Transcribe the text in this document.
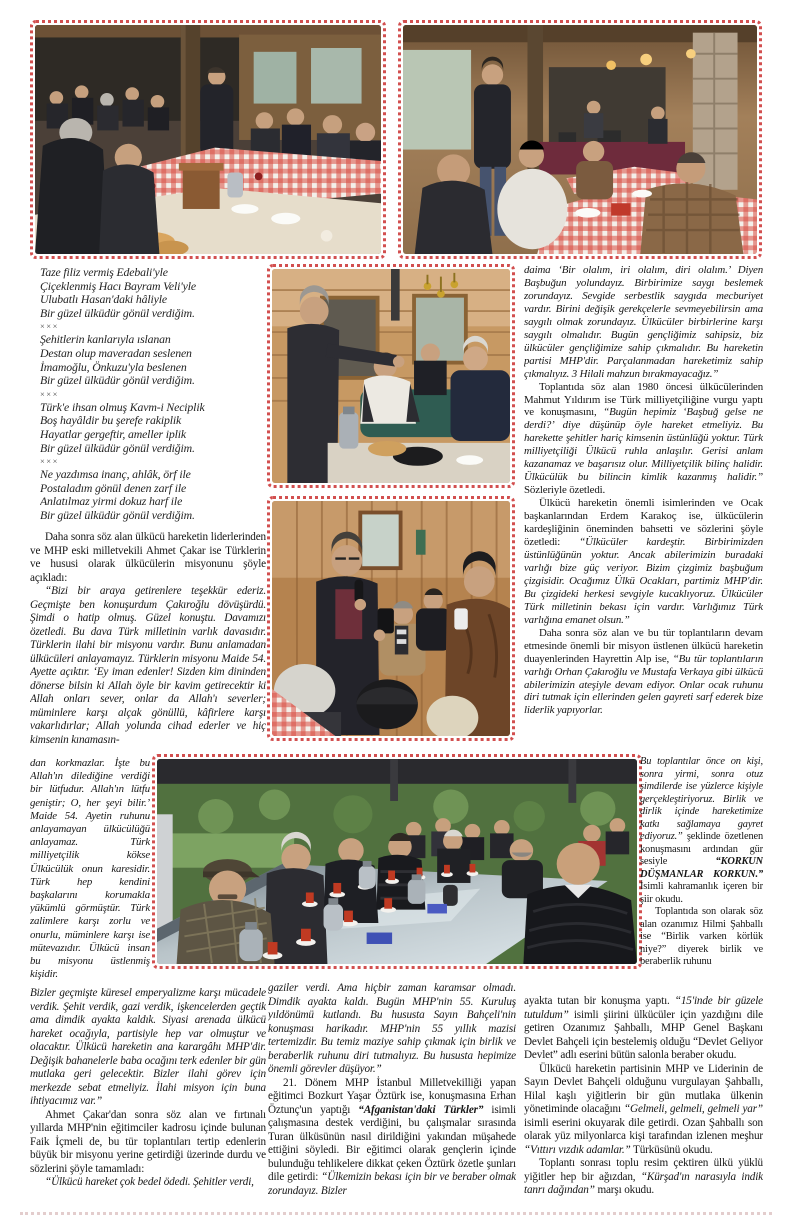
Taze filiz vermiş Edebali'yle

Çiçeklenmiş Hacı Bayram Veli'yle

Ulubatlı Hasan'daki hâliyle

Bir güzel ülküdür gönül verdiğim.

×××

Şehitlerin kanlarıyla ıslanan

Destan olup maveradan seslenen

İmamoğlu, Önkuzu'yla beslenen

Bir güzel ülküdür gönül verdiğim.

×××

Türk'e ihsan olmuş Kavm-i Neciplik

Boş hayâldir bu şerefe rakiplik

Hayatlar gergeftir, ameller iplik

Bir güzel ülküdür gönül verdiğim.

×××

Ne yazdımsa inanç, ahlâk, örf ile

Postaladım gönül denen zarf ile

Anlatılmaz yirmi dokuz harf ile

Bir güzel ülküdür gönül verdiğim.

Daha sonra söz alan ülkücü hareketin liderlerinden ve MHP eski milletvekili Ahmet Çakar ise Türklerin ve hususi olarak ülkücülerin misyonunu şöyle açıkladı:

“Bizi bir araya getirenlere teşekkür ederiz. Geçmişte ben konuşurdum Çakıroğlu dövüşürdü. Şimdi o hatip olmuş. Güzel konuştu. Davamızı özetledi. Bu dava Türk milletinin varlık davasıdır. Türklerin ilahi bir misyonu vardır. Bunu anlamadan ülkücüleri anlayamayız. Türklerin misyonu Maide 54. Ayette açıktır. ‘Ey iman edenler! Sizden kim dininden dönerse bilsin ki Allah öyle bir kavim getirecektir ki Allah onları sever, onlar da Allah'ı severler; müminlere karşı alçak gönüllü, kâfirlere karşı vakarlıdırlar; Allah yolunda cihad ederler ve hiç kimsenin kınamasın-

dan korkmazlar. İşte bu Allah'ın dilediğine verdiği bir lütfudur. Allah'ın lütfu geniştir; O, her şeyi bilir.’ Maide 54. Ayetin ruhunu anlayamayan ülkücülüğü anlayamaz. Türk milliyetçilik kökse Ülkücülük onun karesidir. Türk hep kendini başkalarını korumakla yükümlü görmüştür. Türk zalimlere karşı zorlu ve onurlu, müminlere karşı ise mütevazıdır. Ülkücü insan bu misyonu üstlenmiş kişidir.

Bizler geçmişte küresel emperyalizme karşı mücadele verdik. Şehit verdik, gazi verdik, işkencelerden geçtik ama dimdik ayakta kaldık. Siyasi arenada ülkücü hareket ocağıyla, partisiyle hep var olmuştur ve olacaktır. Ülkücü hareketin ana karargâhı MHP'dir. Değişik bahanelerle baba ocağını terk edenler bir gün mutlaka geri gelecektir. Bizler ilahi görev için merkezde sebat etmeliyiz. İlahi misyon için buna ihtiyacımız var.”

Ahmet Çakar'dan sonra söz alan ve fırtınalı yıllarda MHP'nin eğitimciler kadrosu içinde bulunan Faik İçmeli de, bu tür toplantıları tertip edenlerin büyük bir misyonu yerine getirdiği üzerinde durdu ve sözlerini şöyle tamamladı:

“Ülkücü hareket çok bedel ödedi. Şehitler verdi,

gaziler verdi. Ama hiçbir zaman karamsar olmadı. Dimdik ayakta kaldı. Bugün MHP'nin 55. Kuruluş yıldönümü kutlandı. Bu hususta Sayın Bahçeli'nin konuşması harikadır. MHP'nin 55 yıllık mazisi tertemizdir. Bu temiz maziye sahip çıkmak için birlik ve beraberlik ruhunu diri tutmalıyız. Bu hususta hepimize önemli görevler düşüyor.”

21. Dönem MHP İstanbul Milletvekilliği yapan eğitimci Bozkurt Yaşar Öztürk ise, konuşmasına Erhan Öztunç'un yaptığı “Afganistan'daki Türkler” isimli çalışmasına destek verdiğini, bu çalışmalar sırasında Turan ülküsünün nasıl dirildiğini yakından müşahede ettiğini söyledi. Bir eğitimci olarak gençlerin içinde bulunduğu tehlikelere dikkat çeken Öztürk özetle şunları dile getirdi: “Ülkemizin bekası için bir ve beraber olmak zorundayız. Bizler

daima ‘Bir olalım, iri olalım, diri olalım.’ Diyen Başbuğun yolundayız. Birbirimize saygı beslemek zorundayız. Sevgide serbestlik saygıda mecburiyet vardır. Birini değişik gerekçelerle sevmeyebilirsin ama saygılı olmak zorundayız. Ülkücüler birbirlerine karşı saygılı olmalıdır. Bugün gençliğimiz sahipsiz, biz ülkücüler gençliğimize sahip çıkmalıdır. Bu hareketin partisi MHP'dir. Parçalanmadan hareketimiz sahip çıkmalıyız. 3 Hilali mahzun bırakmayacağız.”

Toplantıda söz alan 1980 öncesi ülkücülerinden Mahmut Yıldırım ise Türk milliyetçiliğine vurgu yaptı ve konuşmasını, “Bugün hepimiz ‘Başbuğ gelse ne derdi?’ diye düşünüp öyle hareket etmeliyiz. Bu harekette şehitler hariç kimsenin üstünlüğü yoktur. Türk milliyetçiliği Ülkücü ruhla anlaşılır. Gerisi anlam kazanamaz ve başarısız olur. Milliyetçilik bilinç halidir. Ülkücülük bu bilincin kimlik kazanmış halidir.” Sözleriyle özetledi.

Ülkücü hareketin önemli isimlerinden ve Ocak başkanlarından Erdem Karakoç ise, ülkücülerin kardeşliğinin öneminden bahsetti ve sözlerini şöyle özetledi: “Ülkücüler kardeştir. Birbirimizden üstünlüğünün yoktur. Ancak abilerimizin buradaki varlığı bize güç veriyor. Bizim çizgimiz başbuğum çizgisidir. Ocağımız Ülkü Ocakları, partimiz MHP'dir. Bu çizgideki herkesi sevgiyle kucaklıyoruz. Ülkücüler Türk milletinin bekası için vardır. Varlığımız Türk varlığına emanet olsun.”

Daha sonra söz alan ve bu tür toplantıların devam etmesinde önemli bir misyon üstlenen ülkücü hareketin duayenlerinden Hayrettin Alp ise, “Bu tür toplantıların varlığı Orhan Çakıroğlu ve Mustafa Verkaya gibi ülkücü abilerimizin ateşiyle devam ediyor. Onlar ocak ruhunu diri tutmak için ellerinden gelen gayreti sarf ederek bize liderlik yapıyorlar.

Bu toplantılar önce on kişi, sonra yirmi, sonra otuz şimdilerde ise yüzlerce kişiyle gerçekleştiriyoruz. Birlik ve dirlik içinde hareketimize katkı sağlamaya gayret ediyoruz.” şeklinde özetlenen konuşmasını ardından gür sesiyle “KORKUN DÜŞMANLAR KORKUN.” İsimli kahramanlık içeren bir şiir okudu.

Toplantıda son olarak söz alan ozanımız Hilmi Şahballı ise “Birlik varken körlük niye?” diyerek birlik ve beraberlik ruhunu

ayakta tutan bir konuşma yaptı. “15'inde bir güzele tutuldum” isimli şiirini ülkücüler için yazdığını dile getiren Ozanımız Şahballı, MHP Genel Başkanı Devlet Bahçeli için bestelemiş olduğu “Devlet Geliyor Devlet” adlı eserini bütün salonla beraber okudu.

Ülkücü hareketin partisinin MHP ve Liderinin de Sayın Devlet Bahçeli olduğunu vurgulayan Şahballı, Hilal kaşlı yiğitlerin bir gün mutlaka ülkenin yönetiminde olacağını “Gelmeli, gelmeli, gelmeli yar” isimli eserini okuyarak dile getirdi. Ozan Şahballı son olarak yüz milyonlarca kişi tarafından izlenen meşhur “Vıttırı vızdık adamlar.” Türküsünü okudu.

Toplantı sonrası toplu resim çektiren ülkü yüklü yiğitler hep bir ağızdan, “Kürşad'ın narasıyla indik tanrı dağından” marşı okudu.
